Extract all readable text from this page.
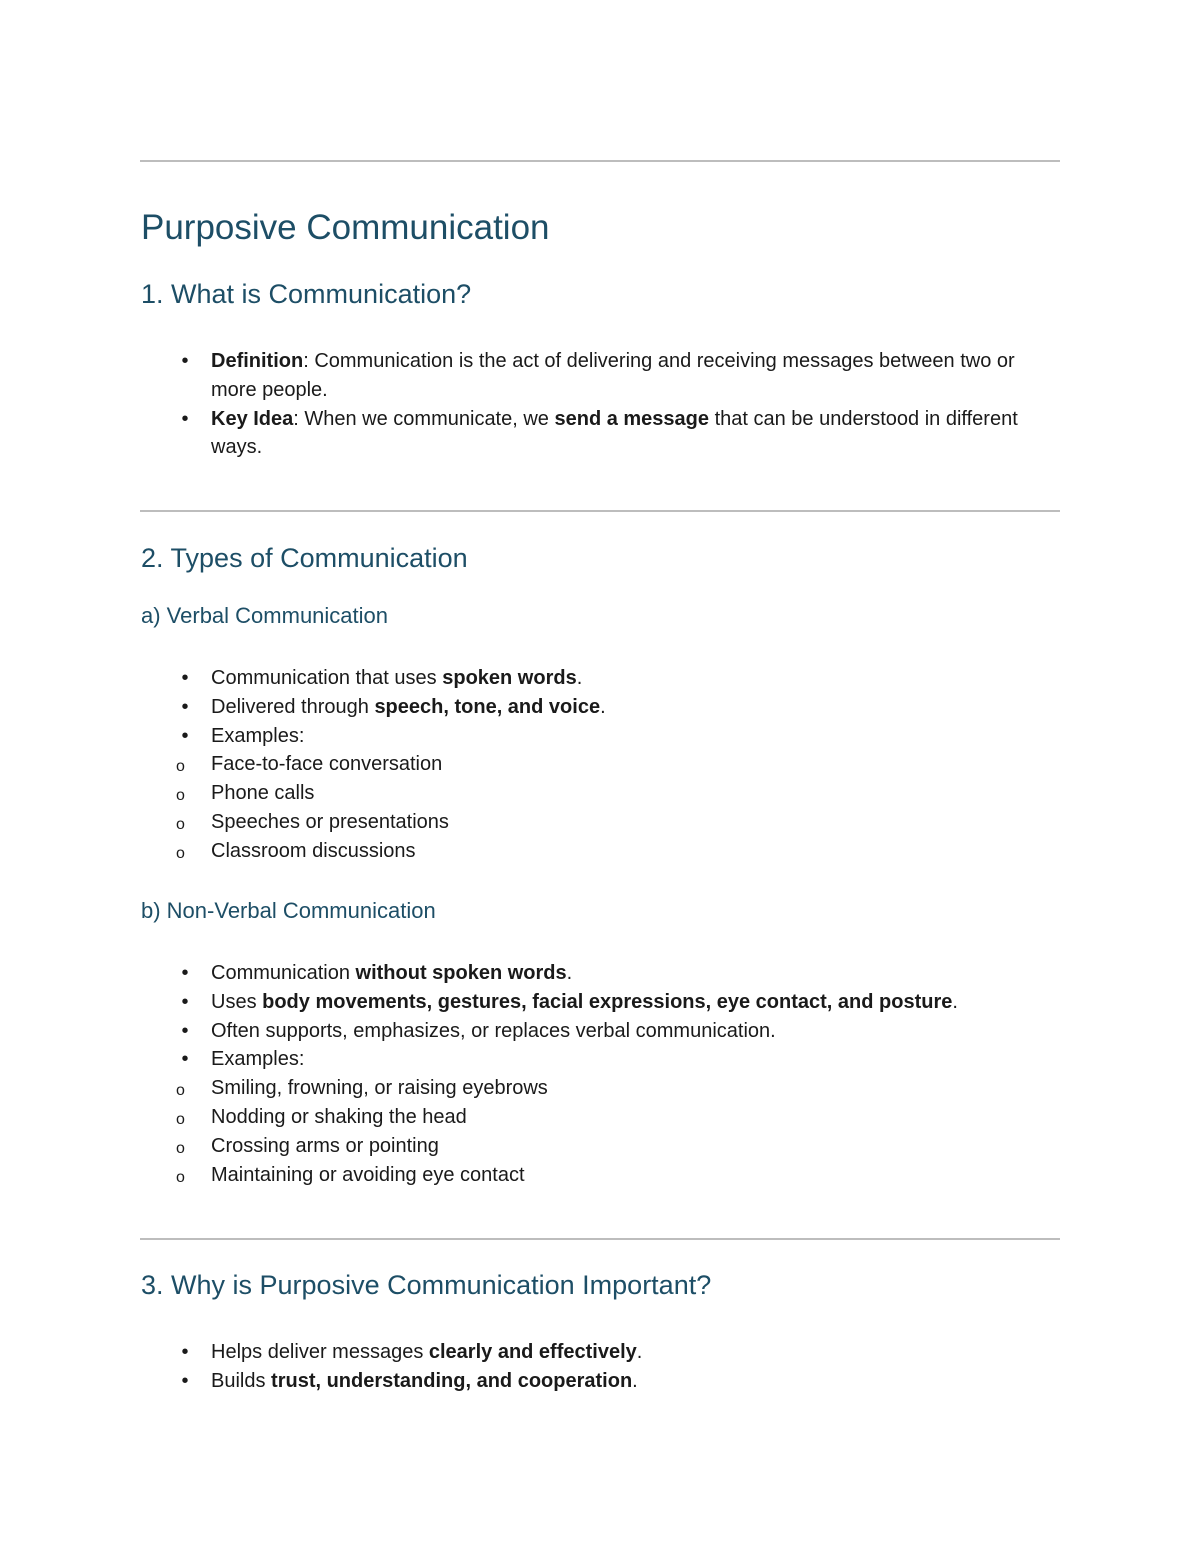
Purposive Communication
1. What is Communication?
•	Definition: Communication is the act of delivering and receiving messages between two or more people.
•	Key Idea: When we communicate, we send a message that can be understood in different ways.
2. Types of Communication
a) Verbal Communication
•	Communication that uses spoken words.
•	Delivered through speech, tone, and voice.
•	Examples:
o Face-to-face conversation
o Phone calls
o Speeches or presentations
o Classroom discussions
b) Non-Verbal Communication
•	Communication without spoken words.
•	Uses body movements, gestures, facial expressions, eye contact, and posture.
•	Often supports, emphasizes, or replaces verbal communication.
•	Examples:
o Smiling, frowning, or raising eyebrows
o Nodding or shaking the head
o Crossing arms or pointing
o Maintaining or avoiding eye contact
3. Why is Purposive Communication Important?
•	Helps deliver messages clearly and effectively.
•	Builds trust, understanding, and cooperation.
